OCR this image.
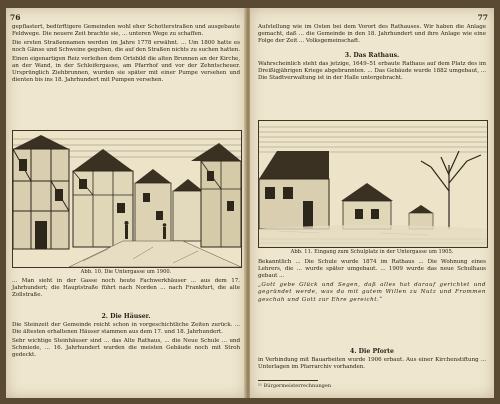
76

gepflastert, bedürftigere Gemeinden wohl eher Schotterstraßen und ausgebaute Feldwege. Die neuere Zeit brachte sie, ... unteren Wege zu schaffen.

Die ersten Straßennamen werden im Jahre 1778 erwähnt. ... Um 1800 hatte es noch Gänse und Schweine gegeben, die auf den Straßen nichts zu suchen hatten.

Einen eigenartigen Reiz verleihen dem Ortsbild die alten Brunnen an der Kirche, an der Wand, in der Schleifergasse, am Pfarrhof und vor der Zehntscheuer. Ursprünglich Ziehbrunnen, wurden sie später mit einer Pumpe versehen und dienten bis ins 18. Jahrhundert mit Pumpen versehen.

Abb. 10. Die Untergasse um 1900.

... Man sieht in der Gasse noch heute Fachwerkhäuser ... aus dem 17. Jahrhundert; die Hauptstraße führt nach Norden ... nach Frankfurt, die alte Zollstraße.

2. Die Häuser.

Die Steinzeit der Gemeinde reicht schon in vorgeschichtliche Zeiten zurück. ... Die ältesten erhaltenen Häuser stammen aus dem 17. und 18. Jahrhundert.

Sehr wichtige Steinhäuser sind ... das Alte Rathaus, ... die Neue Schule ... und Schmiede, ... 16. Jahrhundert wurden die meisten Gebäude noch mit Stroh gedeckt.

77

Aufstellung wie im Osten bei dem Vorort des Rathauses. Wir haben die Anlage gemacht, daß ... die Gemeinde in den 18. Jahrhundert und ihre Anlage wie eine Folge der Zeit ... Volksgemeinschaft.

3. Das Rathaus.

Wahrscheinlich steht das jetzige, 1649–51 erbaute Rathaus auf dem Platz des im Dreißigjährigen Kriege abgebrannten. ... Das Gebäude wurde 1882 umgebaut, ... Die Stadtverwaltung ist in der Halle untergebracht.

Abb. 11. Eingang zum Schulplatz in der Untergasse um 1905.

Bekanntlich ... Die Schule wurde 1874 im Rathaus ... Die Wohnung eines Lehrers, die ... wurde später umgebaut. ... 1909 wurde das neue Schulhaus gebaut ...

„Gott gebe Glück und Segen, daß alles hat darauf gerichtet und gegründet werde, was da mit gutem Willen zu Nutz und Frommen geschah und Gott zur Ehre gereicht.“

4. Die Pforte

in Verbindung mit Bauarbeiten wurde 1906 erbaut. Aus einer Kirchenstiftung ... Unterlagen im Pfarrarchiv vorhanden.

¹¹ Bürgermeisterrechnungen
